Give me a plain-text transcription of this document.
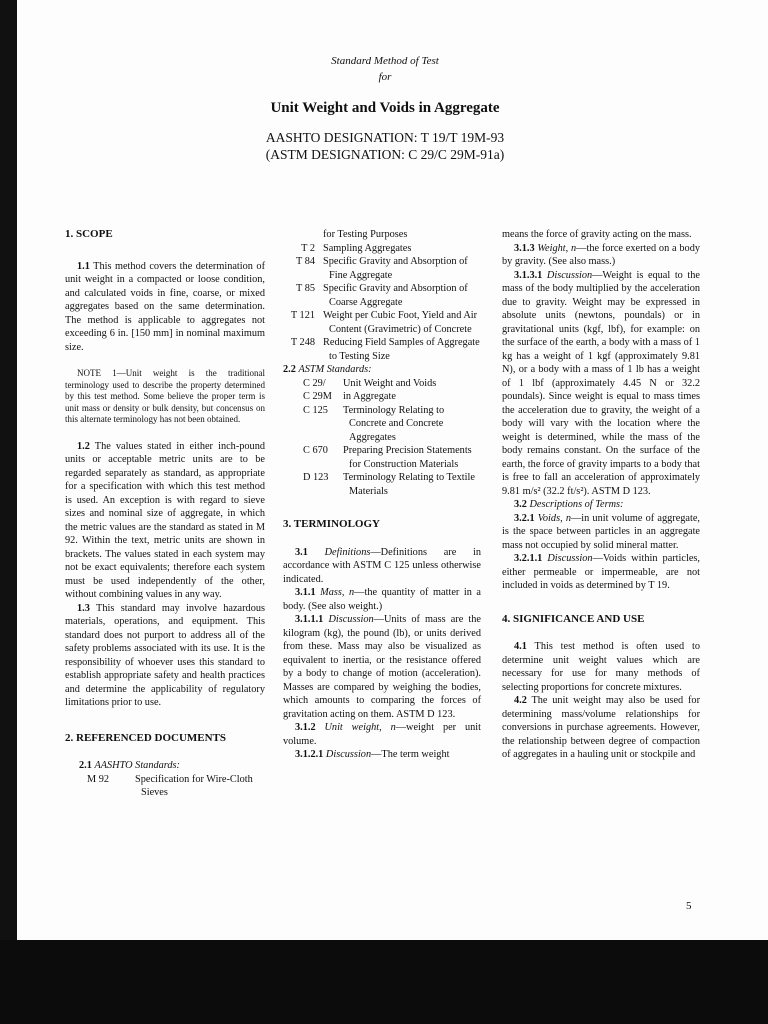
Standard Method of Test
for
Unit Weight and Voids in Aggregate
AASHTO DESIGNATION: T 19/T 19M-93
(ASTM DESIGNATION: C 29/C 29M-91a)

1. SCOPE

1.1 This method covers the determination of unit weight in a compacted or loose condition, and calculated voids in fine, coarse, or mixed aggregates based on the same determination. The method is applicable to aggregates not exceeding 6 in. [150 mm] in nominal maximum size.

NOTE 1—Unit weight is the traditional terminology used to describe the property determined by this test method. Some believe the proper term is unit mass or density or bulk density, but concensus on this alternate terminology has not been obtained.

1.2 The values stated in either inch-pound units or acceptable metric units are to be regarded separately as standard, as appropriate for a specification with which this test method is used. An exception is with regard to sieve sizes and nominal size of aggregate, in which the metric values are the standard as stated in M 92. Within the text, metric units are shown in brackets. The values stated in each system may not be exact equivalents; therefore each system must be used independently of the other, without combining values in any way.

1.3 This standard may involve hazardous materials, operations, and equipment. This standard does not purport to address all of the safety problems associated with its use. It is the responsibility of whoever uses this standard to establish appropriate safety and health practices and determine the applicability of regulatory limitations prior to use.

2. REFERENCED DOCUMENTS

2.1 AASHTO Standards:

M 92	Specification for Wire-Cloth Sieves
for Testing Purposes
T 2 Sampling Aggregates
T 84 Specific Gravity and Absorption of Fine Aggregate
T 85 Specific Gravity and Absorption of Coarse Aggregate
T 121 Weight per Cubic Foot, Yield and Air Content (Gravimetric) of Concrete
T 248 Reducing Field Samples of Aggregate to Testing Size

2.2 ASTM Standards:

C 29/	Unit Weight and Voids
C 29M	in Aggregate
C 125	Terminology Relating to Concrete and Concrete Aggregates
C 670	Preparing Precision Statements for Construction Materials
D 123	Terminology Relating to Textile Materials

3. TERMINOLOGY

3.1 Definitions—Definitions are in accordance with ASTM C 125 unless otherwise indicated.

3.1.1 Mass, n—the quantity of matter in a body. (See also weight.)

3.1.1.1 Discussion—Units of mass are the kilogram (kg), the pound (lb), or units derived from these. Mass may also be visualized as equivalent to inertia, or the resistance offered by a body to change of motion (acceleration). Masses are compared by weighing the bodies, which amounts to comparing the forces of gravitation acting on them. ASTM D 123.

3.1.2 Unit weight, n—weight per unit volume.

3.1.2.1 Discussion—The term weight

means the force of gravity acting on the mass.

3.1.3 Weight, n—the force exerted on a body by gravity. (See also mass.)

3.1.3.1 Discussion—Weight is equal to the mass of the body multiplied by the acceleration due to gravity. Weight may be expressed in absolute units (newtons, poundals) or in gravitational units (kgf, lbf), for example: on the surface of the earth, a body with a mass of 1 kg has a weight of 1 kgf (approximately 9.81 N), or a body with a mass of 1 lb has a weight of 1 lbf (approximately 4.45 N or 32.2 poundals). Since weight is equal to mass times the acceleration due to gravity, the weight of a body will vary with the location where the weight is determined, while the mass of the body remains constant. On the surface of the earth, the force of gravity imparts to a body that is free to fall an acceleration of approximately 9.81 m/s² (32.2 ft/s²). ASTM D 123.

3.2 Descriptions of Terms:

3.2.1 Voids, n—in unit volume of aggregate, is the space between particles in an aggregate mass not occupied by solid mineral matter.

3.2.1.1 Discussion—Voids within particles, either permeable or impermeable, are not included in voids as determined by T 19.

4. SIGNIFICANCE AND USE

4.1 This test method is often used to determine unit weight values which are necessary for use for many methods of selecting proportions for concrete mixtures.

4.2 The unit weight may also be used for determining mass/volume relationships for conversions in purchase agreements. However, the relationship between degree of compaction of aggregates in a hauling unit or stockpile and

5
